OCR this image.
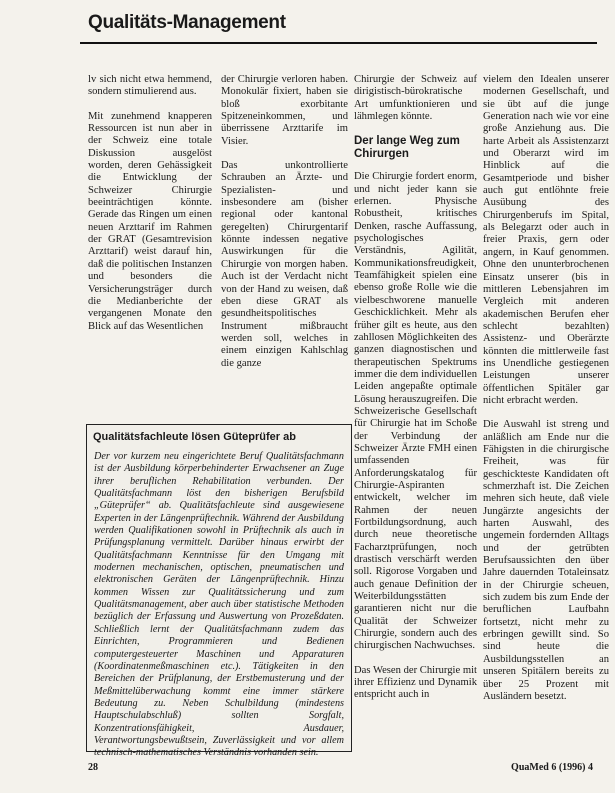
Qualitäts-Management

lv sich nicht etwa hemmend, sondern stimulierend aus.

Mit zunehmend knapperen Ressourcen ist nun aber in der Schweiz eine totale Diskussion ausgelöst worden, deren Gehässigkeit die Entwicklung der Schweizer Chirurgie beeinträchtigen könnte. Gerade das Ringen um einen neuen Arzttarif im Rahmen der GRAT (Gesamtrevision Arzttarif) weist darauf hin, daß die politischen Instanzen und besonders die Versicherungsträger durch die Medianberichte der vergangenen Monate den Blick auf das Wesentlichen

der Chirurgie verloren haben. Monokulär fixiert, haben sie bloß exorbitante Spitzeneinkommen, und überrissene Arzttarife im Visier.

Das unkontrollierte Schrauben an Ärzte- und Spezialisten- und insbesondere am (bisher regional oder kantonal geregelten) Chirurgentarif könnte indessen negative Auswirkungen für die Chirurgie von morgen haben. Auch ist der Verdacht nicht von der Hand zu weisen, daß eben diese GRAT als gesundheitspolitisches Instrument mißbraucht werden soll, welches in einem einzigen Kahlschlag die ganze

Chirurgie der Schweiz auf dirigistisch-bürokratische Art umfunktionieren und lähmlegen könnte.

Der lange Weg zum Chirurgen

Die Chirurgie fordert enorm, und nicht jeder kann sie erlernen. Physische Robustheit, kritisches Denken, rasche Auffassung, psychologisches Verständnis, Agilität, Kommunikationsfreudigkeit, Teamfähigkeit spielen eine ebenso große Rolle wie die vielbeschworene manuelle Geschicklichkeit. Mehr als früher gilt es heute, aus den zahllosen Möglichkeiten des ganzen diagnostischen und therapeutischen Spektrums immer die dem individuellen Leiden angepaßte optimale Lösung herauszugreifen. Die Schweizerische Gesellschaft für Chirurgie hat im Schoße der Verbindung der Schweizer Ärzte FMH einen umfassenden Anforderungskatalog für Chirurgie-Aspiranten entwickelt, welcher im Rahmen der neuen Fortbildungsordnung, auch durch neue theoretische Facharztprüfungen, noch drastisch verschärft werden soll. Rigorose Vorgaben und auch genaue Definition der Weiterbildungsstätten garantieren nicht nur die Qualität der Schweizer Chirurgie, sondern auch des chirurgischen Nachwuchses.

Das Wesen der Chirurgie mit ihrer Effizienz und Dynamik entspricht auch in

vielem den Idealen unserer modernen Gesellschaft, und sie übt auf die junge Generation nach wie vor eine große Anziehung aus. Die harte Arbeit als Assistenzarzt und Oberarzt wird im Hinblick auf die Gesamtperiode und bisher auch gut entlöhnte freie Ausübung des Chirurgenberufs im Spital, als Belegarzt oder auch in freier Praxis, gern oder angern, in Kauf genommen. Ohne den ununterbrochenen Einsatz unserer (bis in mittleren Lebensjahren im Vergleich mit anderen akademischen Berufen eher schlecht bezahlten) Assistenz- und Oberärzte könnten die mittlerweile fast ins Unendliche gestiegenen Leistungen unserer öffentlichen Spitäler gar nicht erbracht werden.

Die Auswahl ist streng und anläßlich am Ende nur die Fähigsten in die chirurgische Freiheit, was für geschickteste Kandidaten oft schmerzhaft ist. Die Zeichen mehren sich heute, daß viele Jungärzte angesichts der harten Auswahl, des ungemein fordernden Alltags und der getrübten Berufsaussichten den über Jahre dauernden Totaleinsatz in der Chirurgie scheuen, sich zudem bis zum Ende der beruflichen Laufbahn fortsetzt, nicht mehr zu erbringen gewillt sind. So sind heute die Ausbildungsstellen an unseren Spitälern bereits zu über 25 Prozent mit Ausländern besetzt.

Qualitätsfachleute lösen Güteprüfer ab
Der vor kurzem neu eingerichtete Beruf Qualitätsfachmann ist der Ausbildung körperbehinderter Erwachsener an Zuge ihrer beruflichen Rehabilitation verbunden. Der Qualitätsfachmann löst den bisherigen Berufsbild „Güteprüfer“ ab. Qualitätsfachleute sind ausgewiesene Experten in der Längenprüftechnik. Während der Ausbildung werden Qualifikationen sowohl in Prüftechnik als auch in Prüfungsplanung vermittelt. Darüber hinaus erwirbt der Qualitätsfachmann Kenntnisse für den Umgang mit modernen mechanischen, optischen, pneumatischen und elektronischen Geräten der Längenprüftechnik. Hinzu kommen Wissen zur Qualitätssicherung und zum Qualitätsmanagement, aber auch über statistische Methoden bezüglich der Erfassung und Auswertung von Prozeßdaten. Schließlich lernt der Qualitätsfachmann zudem das Einrichten, Programmieren und Bedienen computergesteuerter Maschinen und Apparaturen (Koordinatenmeßmaschinen etc.). Tätigkeiten in den Bereichen der Prüfplanung, der Erstbemusterung und der Meßmittelüberwachung kommt eine immer stärkere Bedeutung zu. Neben Schulbildung (mindestens Hauptschulabschluß) sollten Sorgfalt, Konzentrationsfähigkeit, Ausdauer, Verantwortungsbewußtsein, Zuverlässigkeit und vor allem technisch-mathematisches Verständnis vorhanden sein.
28	QuaMed 6 (1996) 4
